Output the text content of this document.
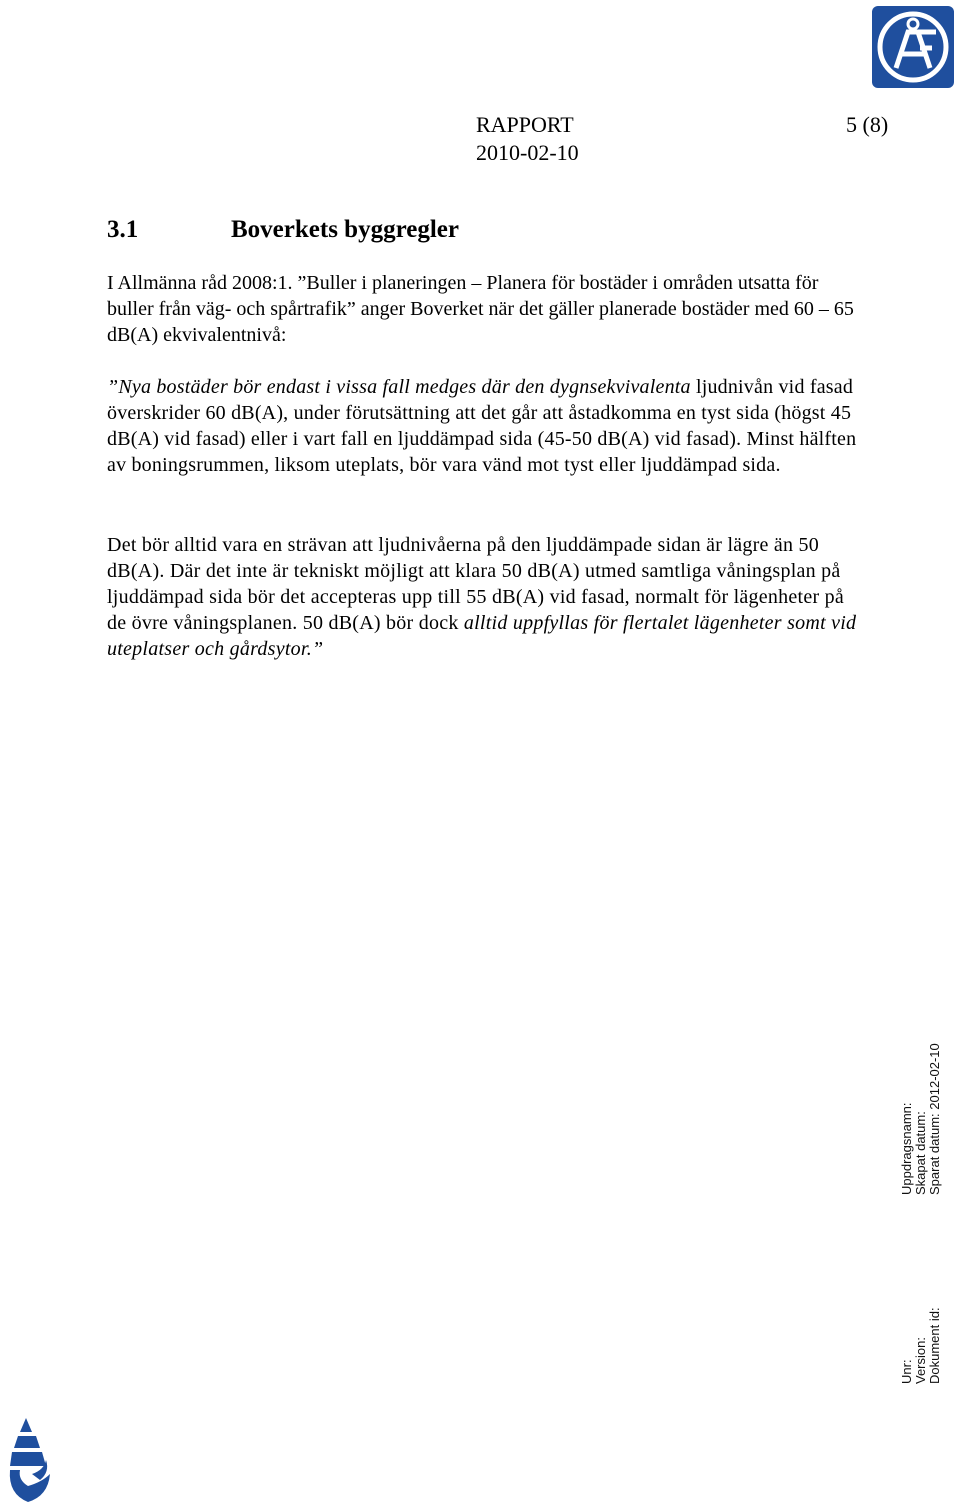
RAPPORT	5 (8)
2010-02-10
3.1	Boverkets byggregler

I Allmänna råd 2008:1. ”Buller i planeringen – Planera för bostäder i områden utsatta för buller från väg- och spårtrafik” anger Boverket när det gäller planerade bostäder med 60 – 65 dB(A) ekvivalentnivå:

”Nya bostäder bör endast i vissa fall medges där den dygnsekvivalenta ljudnivån vid fasad överskrider 60 dB(A), under förutsättning att det går att åstadkomma en tyst sida (högst 45 dB(A) vid fasad) eller i vart fall en ljuddämpad sida (45-50 dB(A) vid fasad). Minst hälften av boningsrummen, liksom uteplats, bör vara vänd mot tyst eller ljuddämpad sida.

Det bör alltid vara en strävan att ljudnivåerna på den ljuddämpade sidan är lägre än 50 dB(A). Där det inte är tekniskt möjligt att klara 50 dB(A) utmed samtliga våningsplan på ljuddämpad sida bör det accepteras upp till 55 dB(A) vid fasad, normalt för lägenheter på de övre våningsplanen. 50 dB(A) bör dock alltid uppfyllas för flertalet lägenheter somt vid uteplatser och gårdsytor.”

Uppdragsnamn: Skapat datum: Sparat datum: 2012-02-10
Unr: Version: Dokument id:
